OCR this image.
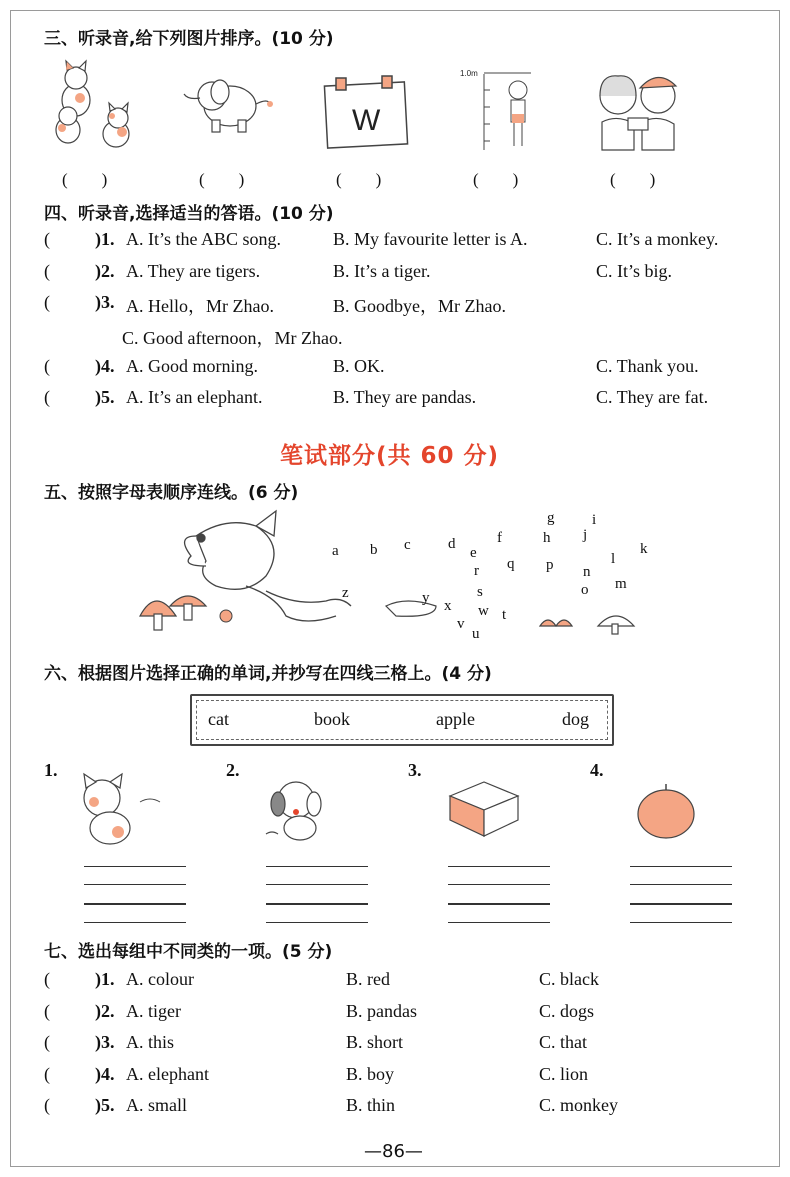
三、听录音,给下列图片排序。(10 分)
W
1.0m
(　　)	(　　)	(　　)	(　　)	(　　)
四、听录音,选择适当的答语。(10 分)
(	)1. A. It’s the ABC song.	B. My favourite letter is A.	C. It’s a monkey.
(	)2. A. They are tigers.	B. It’s a tiger.	C. It’s big.
(	)3. A. Hello，Mr Zhao.	B. Goodbye，Mr Zhao.
C. Good afternoon，Mr Zhao.
(	)4. A. Good morning.	B. OK.	C. Thank you.
(	)5. A. It’s an elephant.	B. They are pandas.	C. They are fat.
笔试部分(共 60 分)
五、按照字母表顺序连线。(6 分)
a b c d
e
f
g
h
i
j
k
l
m
n
o
p
q
r
s
t
u
v
w
x
y
z
六、根据图片选择正确的单词,并抄写在四线三格上。(4 分)
cat	book	apple	dog
1.	2.	3.	4.
七、选出每组中不同类的一项。(5 分)
(	)1. A. colour	B. red	C. black
(	)2. A. tiger	B. pandas	C. dogs
(	)3. A. this	B. short	C. that
(	)4. A. elephant	B. boy	C. lion
(	)5. A. small	B. thin	C. monkey
—86—
